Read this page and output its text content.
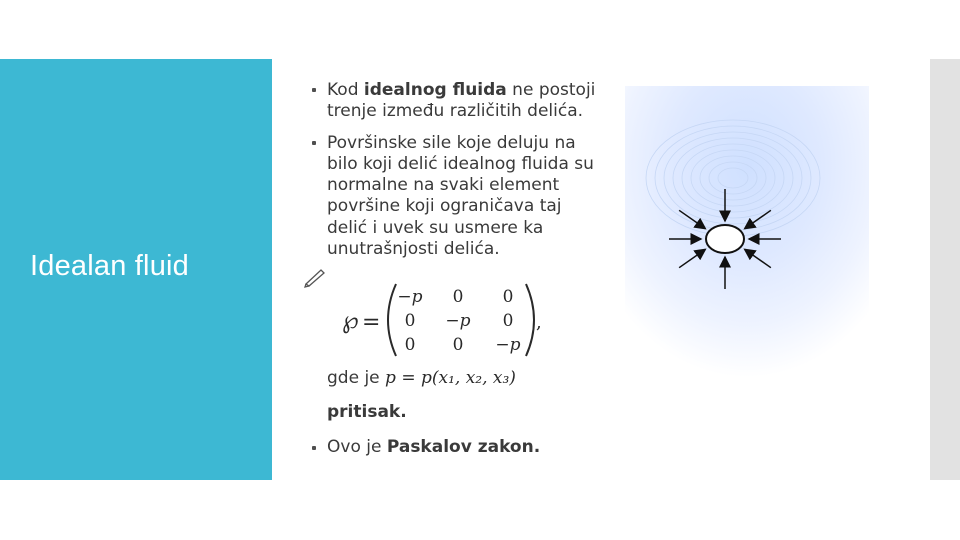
Idealan fluid
Kod idealnog fluida ne postoji trenje između različitih delića.
Površinske sile koje deluju na bilo koji delić idealnog fluida su normalne na svaki element površine koji ograničava taj delić i uvek su usmere ka unutrašnjosti delića.
℘ =
−p 0 0
0 −p 0
0 0 −p
,
gde je p = p(x₁, x₂, x₃)
pritisak.
Ovo je Paskalov zakon.
